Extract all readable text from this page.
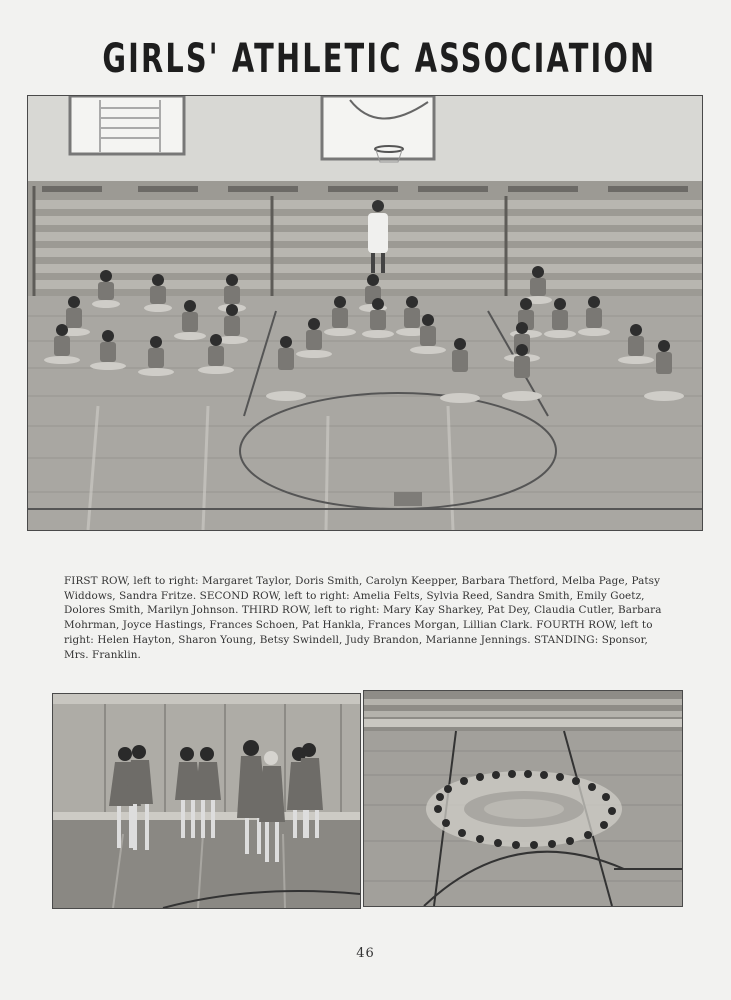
GIRLS' ATHLETIC ASSOCIATION
FIRST ROW, left to right: Margaret Taylor, Doris Smith, Carolyn Keepper, Barbara Thetford, Melba Page, Patsy Widdows, Sandra Fritze. SECOND ROW, left to right: Amelia Felts, Sylvia Reed, Sandra Smith, Emily Goetz, Dolores Smith, Marilyn Johnson. THIRD ROW, left to right: Mary Kay Sharkey, Pat Dey, Claudia Cutler, Barbara Mohrman, Joyce Hastings, Frances Schoen, Pat Hankla, Frances Morgan, Lillian Clark. FOURTH ROW, left to right: Helen Hayton, Sharon Young, Betsy Swindell, Judy Brandon, Marianne Jennings. STANDING: Sponsor, Mrs. Franklin.
46
